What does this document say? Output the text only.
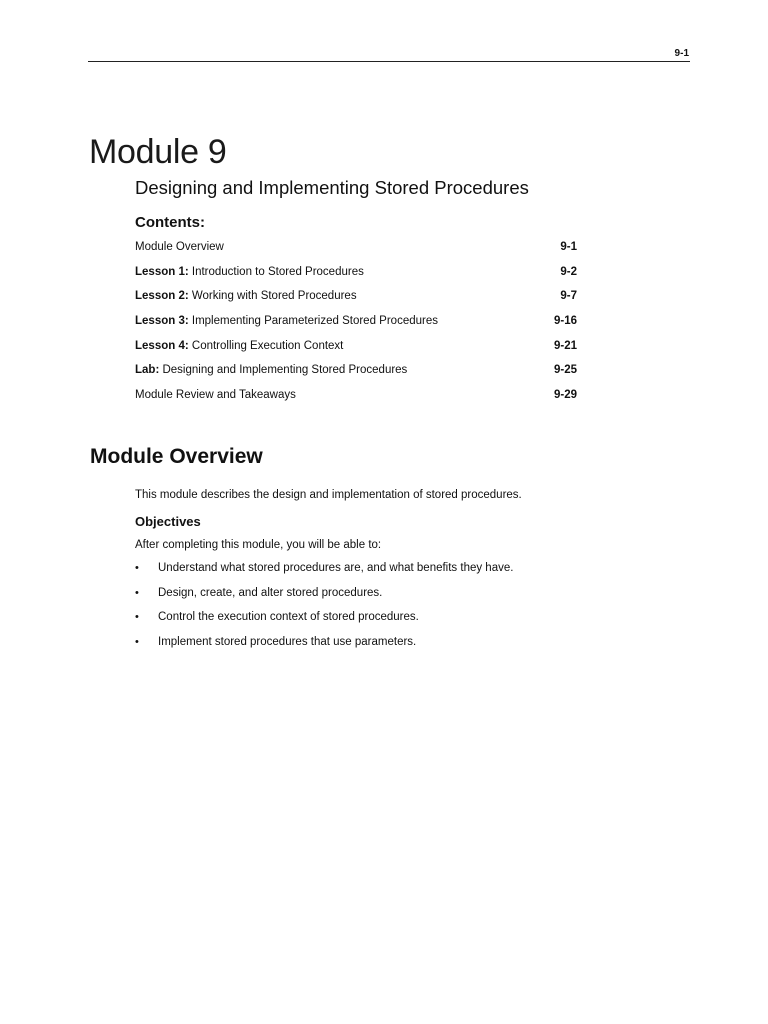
9-1
Module 9
Designing and Implementing Stored Procedures
Contents:
Module Overview	9-1
Lesson 1: Introduction to Stored Procedures	9-2
Lesson 2: Working with Stored Procedures	9-7
Lesson 3: Implementing Parameterized Stored Procedures	9-16
Lesson 4: Controlling Execution Context	9-21
Lab: Designing and Implementing Stored Procedures	9-25
Module Review and Takeaways	9-29
Module Overview

This module describes the design and implementation of stored procedures.

Objectives

After completing this module, you will be able to:

• Understand what stored procedures are, and what benefits they have.
• Design, create, and alter stored procedures.
• Control the execution context of stored procedures.
• Implement stored procedures that use parameters.
